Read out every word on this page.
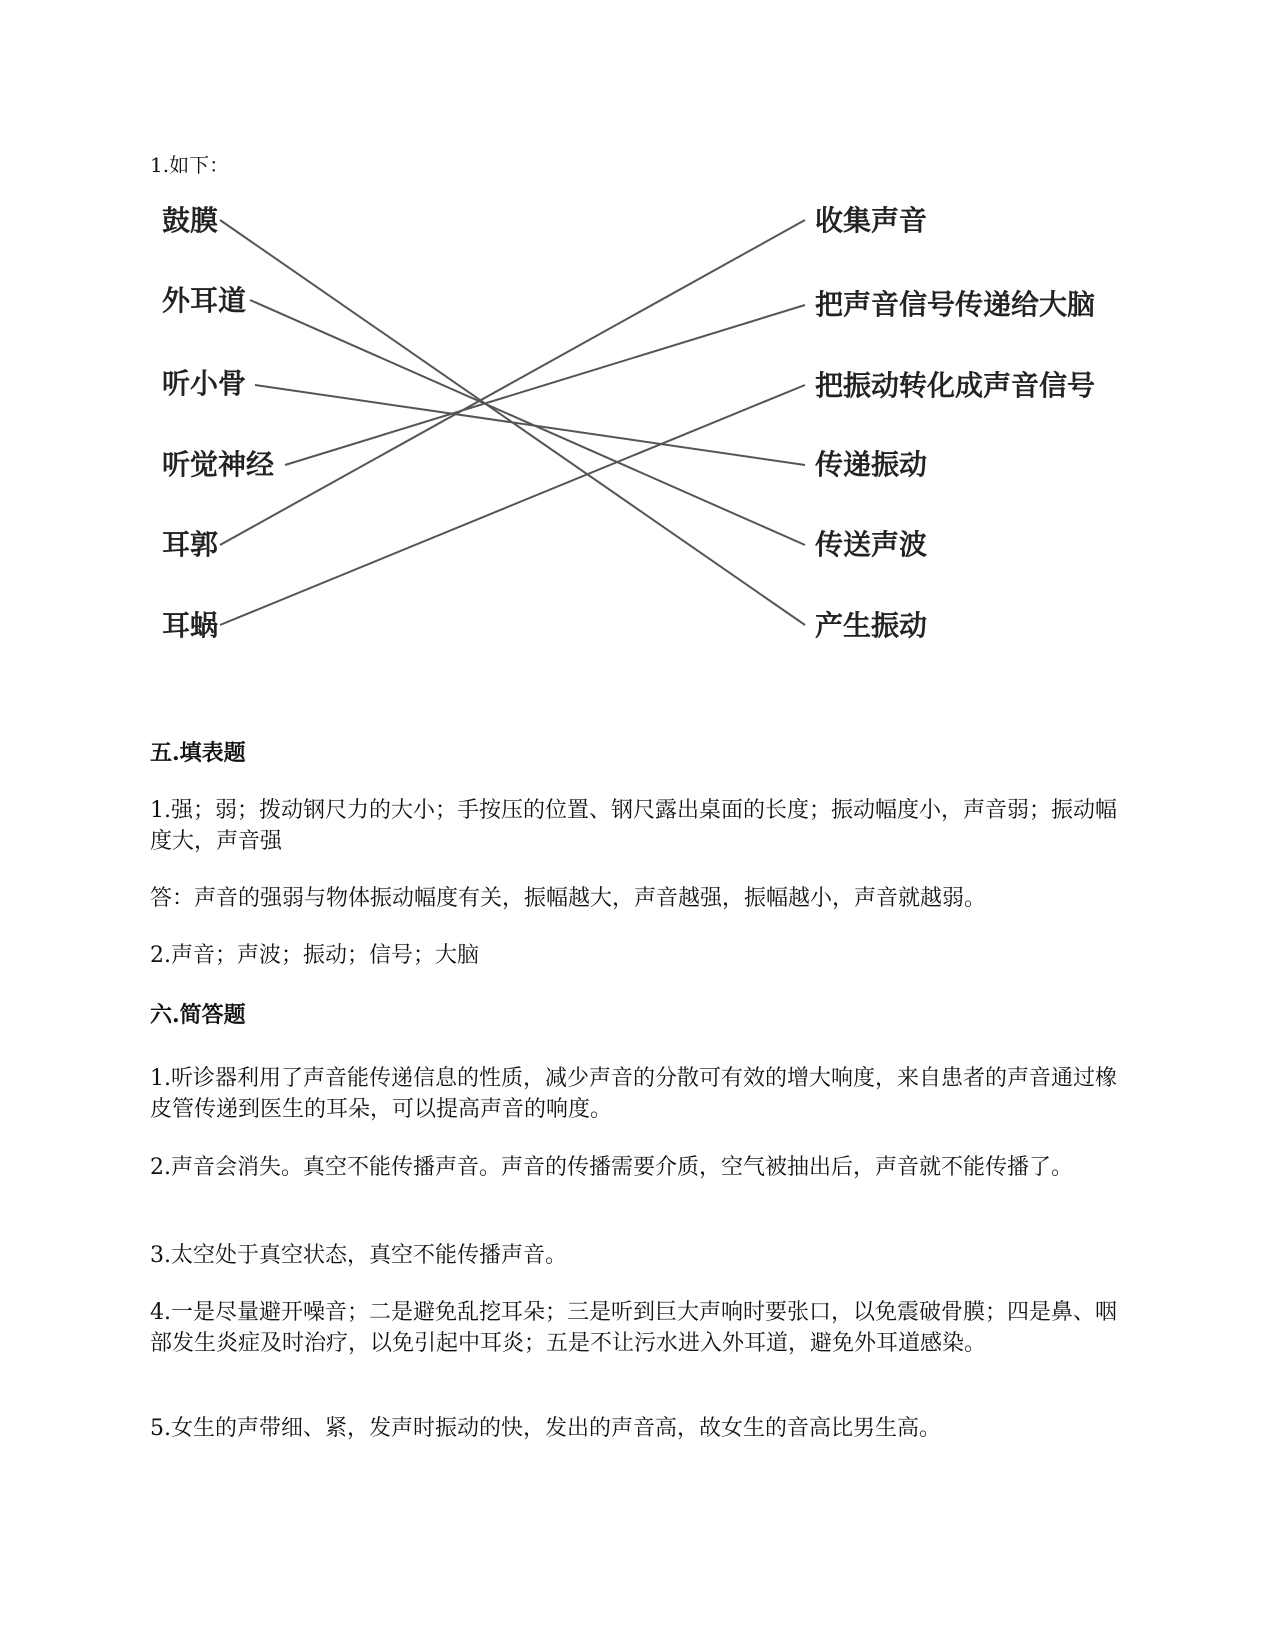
1.如下：
鼓膜
外耳道
听小骨
听觉神经
耳郭
耳蜗
收集声音
把声音信号传递给大脑
把振动转化成声音信号
传递振动
传送声波
产生振动
五.填表题
1.强；弱；拨动钢尺力的大小；手按压的位置、钢尺露出桌面的长度；振动幅度小，声音弱；振动幅度大，声音强
答：声音的强弱与物体振动幅度有关，振幅越大，声音越强，振幅越小，声音就越弱。
2.声音；声波；振动；信号；大脑
六.简答题
1.听诊器利用了声音能传递信息的性质，减少声音的分散可有效的增大响度，来自患者的声音通过橡皮管传递到医生的耳朵，可以提高声音的响度。
2.声音会消失。真空不能传播声音。声音的传播需要介质，空气被抽出后，声音就不能传播了。
3.太空处于真空状态，真空不能传播声音。
4.一是尽量避开噪音；二是避免乱挖耳朵；三是听到巨大声响时要张口，以免震破骨膜；四是鼻、咽部发生炎症及时治疗，以免引起中耳炎；五是不让污水进入外耳道，避免外耳道感染。
5.女生的声带细、紧，发声时振动的快，发出的声音高，故女生的音高比男生高。
